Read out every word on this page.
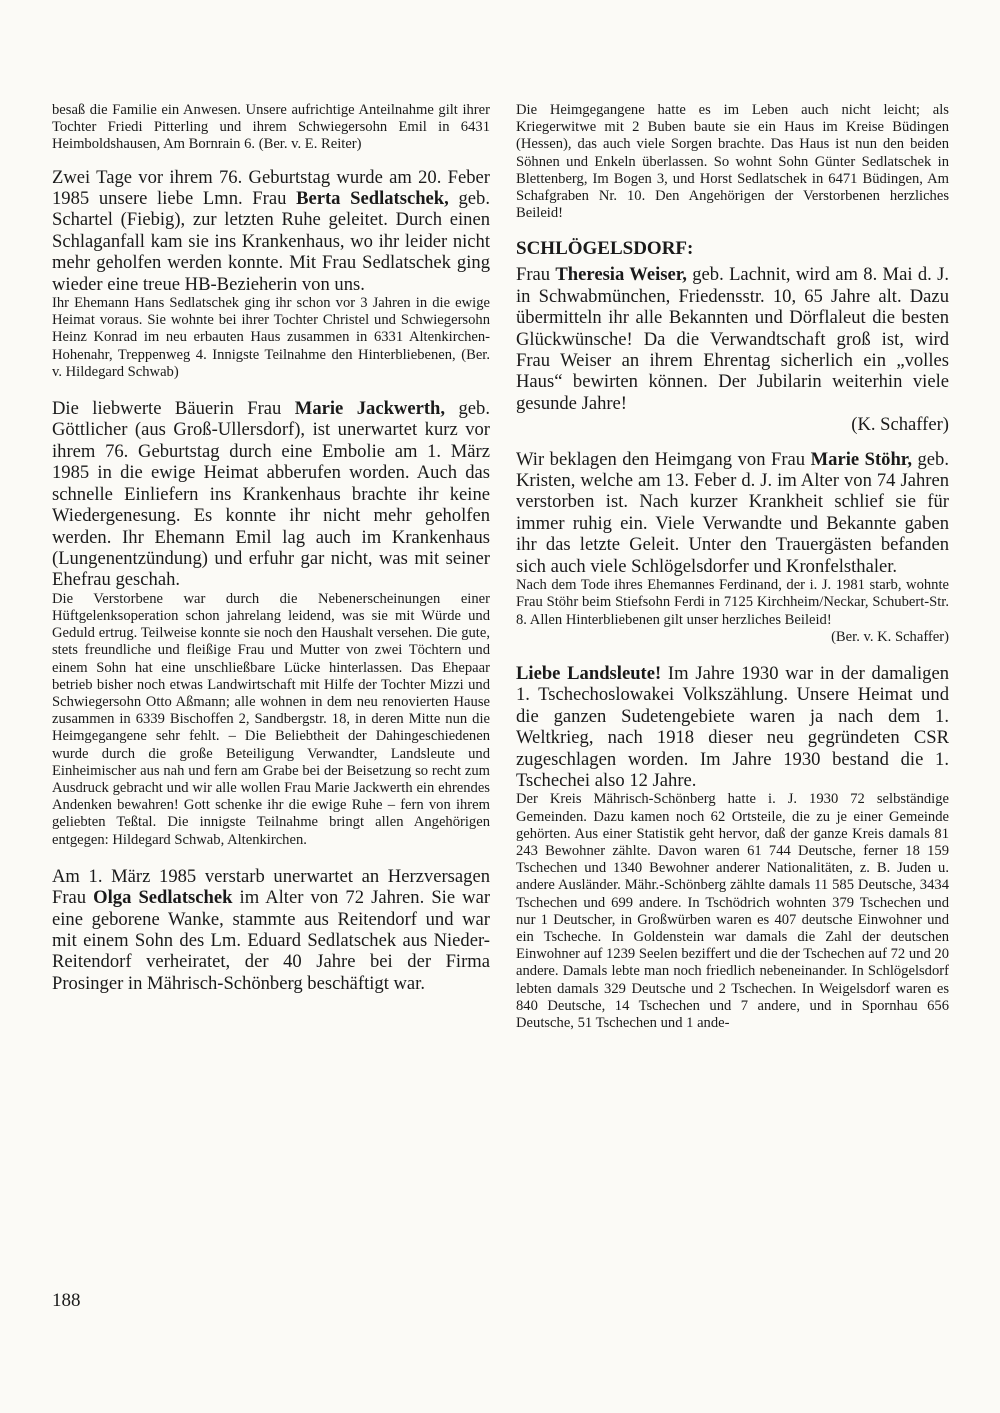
besaß die Familie ein Anwesen. Unsere aufrichtige Anteilnahme gilt ihrer Tochter Friedi Pitterling und ihrem Schwiegersohn Emil in 6431 Heimboldshausen, Am Bornrain 6. (Ber. v. E. Reiter)

Zwei Tage vor ihrem 76. Geburtstag wurde am 20. Feber 1985 unsere liebe Lmn. Frau Berta Sedlatschek, geb. Schartel (Fiebig), zur letzten Ruhe geleitet. Durch einen Schlaganfall kam sie ins Krankenhaus, wo ihr leider nicht mehr geholfen werden konnte. Mit Frau Sedlatschek ging wieder eine treue HB-Bezieherin von uns.

Ihr Ehemann Hans Sedlatschek ging ihr schon vor 3 Jahren in die ewige Heimat voraus. Sie wohnte bei ihrer Tochter Christel und Schwiegersohn Heinz Konrad im neu erbauten Haus zusammen in 6331 Altenkirchen-Hohenahr, Treppenweg 4. Innigste Teilnahme den Hinterbliebenen, (Ber. v. Hildegard Schwab)

Die liebwerte Bäuerin Frau Marie Jackwerth, geb. Göttlicher (aus Groß-Ullersdorf), ist unerwartet kurz vor ihrem 76. Geburtstag durch eine Embolie am 1. März 1985 in die ewige Heimat abberufen worden. Auch das schnelle Einliefern ins Krankenhaus brachte ihr keine Wiedergenesung. Es konnte ihr nicht mehr geholfen werden. Ihr Ehemann Emil lag auch im Krankenhaus (Lungenentzündung) und erfuhr gar nicht, was mit seiner Ehefrau geschah.

Die Verstorbene war durch die Nebenerscheinungen einer Hüftgelenksoperation schon jahrelang leidend, was sie mit Würde und Geduld ertrug. Teilweise konnte sie noch den Haushalt versehen. Die gute, stets freundliche und fleißige Frau und Mutter von zwei Töchtern und einem Sohn hat eine unschließbare Lücke hinterlassen. Das Ehepaar betrieb bisher noch etwas Landwirtschaft mit Hilfe der Tochter Mizzi und Schwiegersohn Otto Aßmann; alle wohnen in dem neu renovierten Hause zusammen in 6339 Bischoffen 2, Sandbergstr. 18, in deren Mitte nun die Heimgegangene sehr fehlt. – Die Beliebtheit der Dahingeschiedenen wurde durch die große Beteiligung Verwandter, Landsleute und Einheimischer aus nah und fern am Grabe bei der Beisetzung so recht zum Ausdruck gebracht und wir alle wollen Frau Marie Jackwerth ein ehrendes Andenken bewahren! Gott schenke ihr die ewige Ruhe – fern von ihrem geliebten Teßtal. Die innigste Teilnahme bringt allen Angehörigen entgegen: Hildegard Schwab, Altenkirchen.

Am 1. März 1985 verstarb unerwartet an Herzversagen Frau Olga Sedlatschek im Alter von 72 Jahren. Sie war eine geborene Wanke, stammte aus Reitendorf und war mit einem Sohn des Lm. Eduard Sedlatschek aus Nieder-Reitendorf verheiratet, der 40 Jahre bei der Firma Prosinger in Mährisch-Schönberg beschäftigt war.

Die Heimgegangene hatte es im Leben auch nicht leicht; als Kriegerwitwe mit 2 Buben baute sie ein Haus im Kreise Büdingen (Hessen), das auch viele Sorgen brachte. Das Haus ist nun den beiden Söhnen und Enkeln überlassen. So wohnt Sohn Günter Sedlatschek in Blettenberg, Im Bogen 3, und Horst Sedlatschek in 6471 Büdingen, Am Schafgraben Nr. 10. Den Angehörigen der Verstorbenen herzliches Beileid!

SCHLÖGELSDORF:

Frau Theresia Weiser, geb. Lachnit, wird am 8. Mai d. J. in Schwabmünchen, Friedensstr. 10, 65 Jahre alt. Dazu übermitteln ihr alle Bekannten und Dörflaleut die besten Glückwünsche! Da die Verwandtschaft groß ist, wird Frau Weiser an ihrem Ehrentag sicherlich ein „volles Haus“ bewirten können. Der Jubilarin weiterhin viele gesunde Jahre!

(K. Schaffer)

Wir beklagen den Heimgang von Frau Marie Stöhr, geb. Kristen, welche am 13. Feber d. J. im Alter von 74 Jahren verstorben ist. Nach kurzer Krankheit schlief sie für immer ruhig ein. Viele Verwandte und Bekannte gaben ihr das letzte Geleit. Unter den Trauergästen befanden sich auch viele Schlögelsdorfer und Kronfelsthaler.

Nach dem Tode ihres Ehemannes Ferdinand, der i. J. 1981 starb, wohnte Frau Stöhr beim Stiefsohn Ferdi in 7125 Kirchheim/Neckar, Schubert-Str. 8. Allen Hinterbliebenen gilt unser herzliches Beileid!

(Ber. v. K. Schaffer)

Liebe Landsleute! Im Jahre 1930 war in der damaligen 1. Tschechoslowakei Volkszählung. Unsere Heimat und die ganzen Sudetengebiete waren ja nach dem 1. Weltkrieg, nach 1918 dieser neu gegründeten CSR zugeschlagen worden. Im Jahre 1930 bestand die 1. Tschechei also 12 Jahre.

Der Kreis Mährisch-Schönberg hatte i. J. 1930 72 selbständige Gemeinden. Dazu kamen noch 62 Ortsteile, die zu je einer Gemeinde gehörten. Aus einer Statistik geht hervor, daß der ganze Kreis damals 81 243 Bewohner zählte. Davon waren 61 744 Deutsche, ferner 18 159 Tschechen und 1340 Bewohner anderer Nationalitäten, z. B. Juden u. andere Ausländer. Mähr.-Schönberg zählte damals 11 585 Deutsche, 3434 Tschechen und 699 andere. In Tschödrich wohnten 379 Tschechen und nur 1 Deutscher, in Großwürben waren es 407 deutsche Einwohner und ein Tscheche. In Goldenstein war damals die Zahl der deutschen Einwohner auf 1239 Seelen beziffert und die der Tschechen auf 72 und 20 andere. Damals lebte man noch friedlich nebeneinander. In Schlögelsdorf lebten damals 329 Deutsche und 2 Tschechen. In Weigelsdorf waren es 840 Deutsche, 14 Tschechen und 7 andere, und in Spornhau 656 Deutsche, 51 Tschechen und 1 ande-

188
